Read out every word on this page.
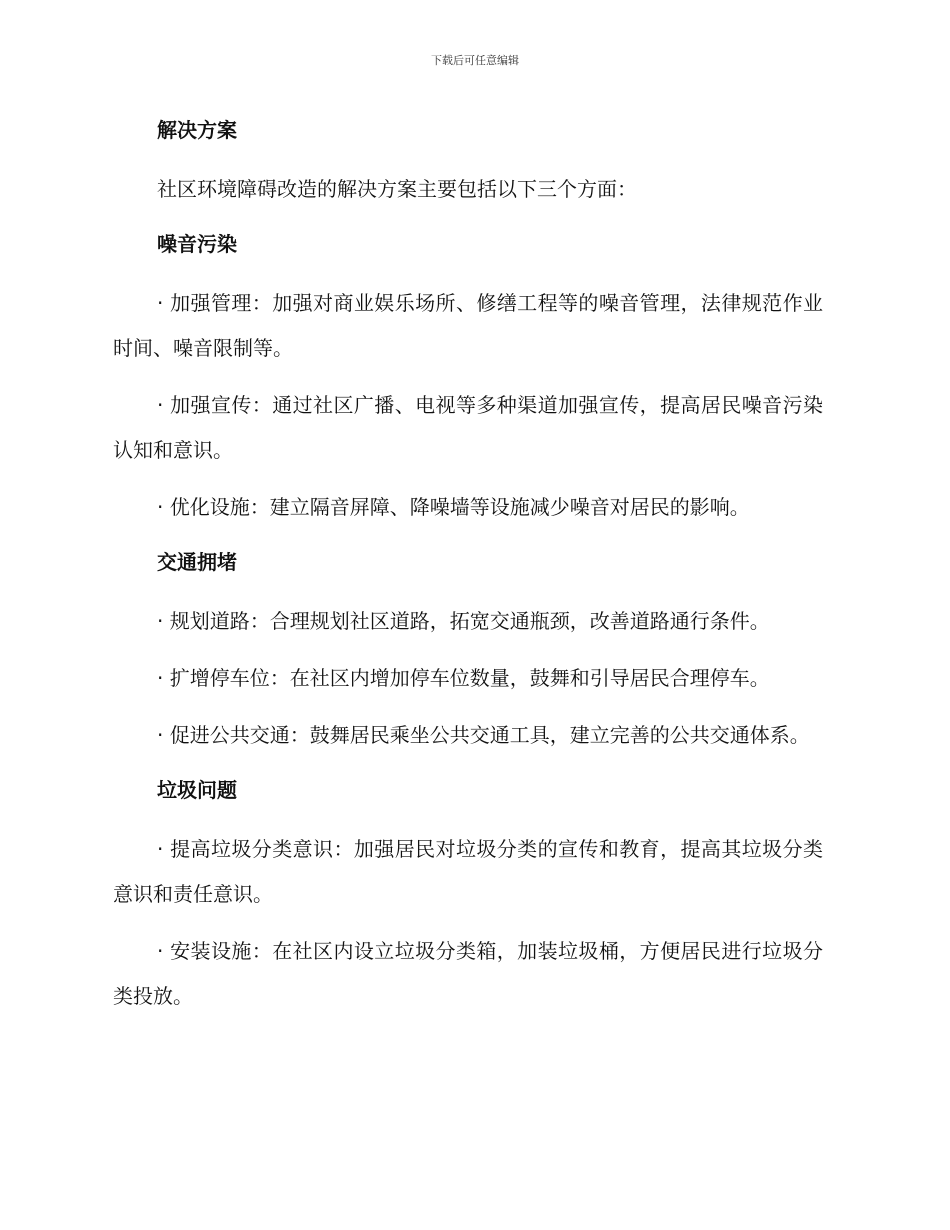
下载后可任意编辑
解决方案

社区环境障碍改造的解决方案主要包括以下三个方面：

噪音污染

· 加强管理：加强对商业娱乐场所、修缮工程等的噪音管理，法律规范作业时间、噪音限制等。

· 加强宣传：通过社区广播、电视等多种渠道加强宣传，提高居民噪音污染认知和意识。

· 优化设施：建立隔音屏障、降噪墙等设施减少噪音对居民的影响。

交通拥堵

· 规划道路：合理规划社区道路，拓宽交通瓶颈，改善道路通行条件。

· 扩增停车位：在社区内增加停车位数量，鼓舞和引导居民合理停车。

· 促进公共交通：鼓舞居民乘坐公共交通工具，建立完善的公共交通体系。

垃圾问题

· 提高垃圾分类意识：加强居民对垃圾分类的宣传和教育，提高其垃圾分类意识和责任意识。

· 安装设施：在社区内设立垃圾分类箱，加装垃圾桶，方便居民进行垃圾分类投放。
